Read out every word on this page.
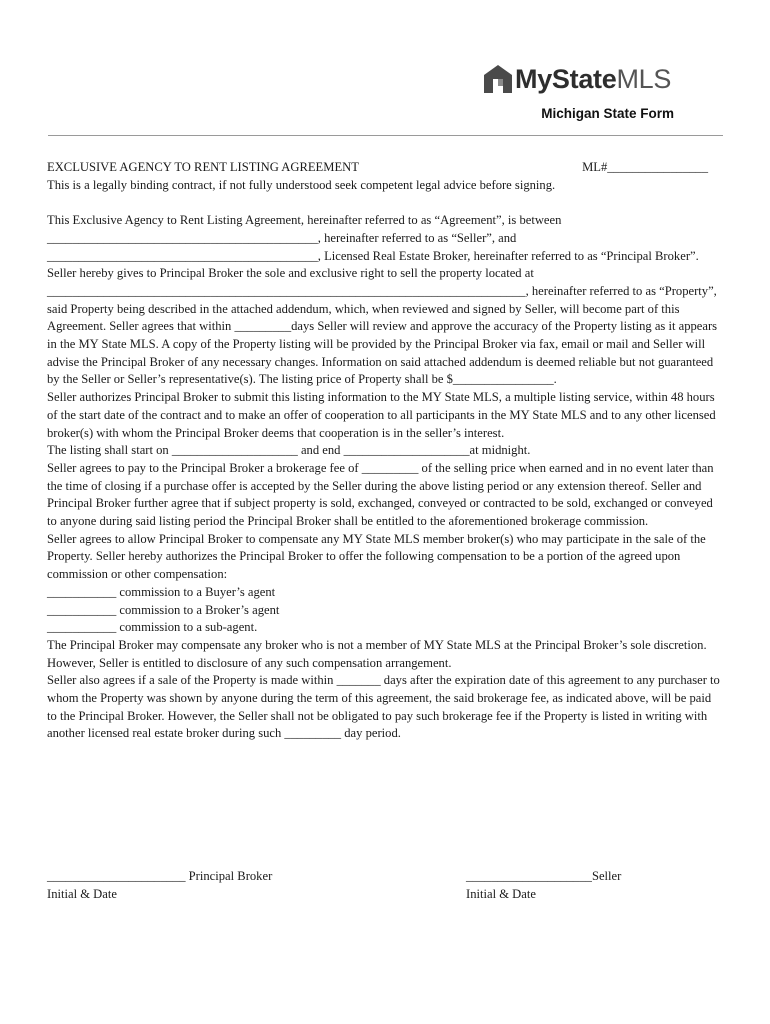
MyStateMLS
Michigan State Form
EXCLUSIVE AGENCY TO RENT LISTING AGREEMENT	ML#________________

This is a legally binding contract, if not fully understood seek competent legal advice before signing.

This Exclusive Agency to Rent Listing Agreement, hereinafter referred to as “Agreement”, is between ___________________________________________, hereinafter referred to as “Seller”, and ___________________________________________, Licensed Real Estate Broker, hereinafter referred to as “Principal Broker”.

Seller hereby gives to Principal Broker the sole and exclusive right to sell the property located at ____________________________________________________________________________, hereinafter referred to as “Property”, said Property being described in the attached addendum, which, when reviewed and signed by Seller, will become part of this Agreement. Seller agrees that within _________days Seller will review and approve the accuracy of the Property listing as it appears in the MY State MLS. A copy of the Property listing will be provided by the Principal Broker via fax, email or mail and Seller will advise the Principal Broker of any necessary changes. Information on said attached addendum is deemed reliable but not guaranteed by the Seller or Seller’s representative(s). The listing price of Property shall be $________________.

Seller authorizes Principal Broker to submit this listing information to the MY State MLS, a multiple listing service, within 48 hours of the start date of the contract and to make an offer of cooperation to all participants in the MY State MLS and to any other licensed broker(s) with whom the Principal Broker deems that cooperation is in the seller’s interest.

The listing shall start on ____________________ and end ____________________at midnight.

Seller agrees to pay to the Principal Broker a brokerage fee of _________ of the selling price when earned and in no event later than the time of closing if a purchase offer is accepted by the Seller during the above listing period or any extension thereof. Seller and Principal Broker further agree that if subject property is sold, exchanged, conveyed or contracted to be sold, exchanged or conveyed to anyone during said listing period the Principal Broker shall be entitled to the aforementioned brokerage commission.

Seller agrees to allow Principal Broker to compensate any MY State MLS member broker(s) who may participate in the sale of the Property. Seller hereby authorizes the Principal Broker to offer the following compensation to be a portion of the agreed upon commission or other compensation:

___________ commission to a Buyer’s agent

___________ commission to a Broker’s agent

___________ commission to a sub-agent.

The Principal Broker may compensate any broker who is not a member of MY State MLS at the Principal Broker’s sole discretion. However, Seller is entitled to disclosure of any such compensation arrangement.

Seller also agrees if a sale of the Property is made within _______ days after the expiration date of this agreement to any purchaser to whom the Property was shown by anyone during the term of this agreement, the said brokerage fee, as indicated above, will be paid to the Principal Broker. However, the Seller shall not be obligated to pay such brokerage fee if the Property is listed in writing with another licensed real estate broker during such _________ day period.

______________________ Principal Broker
Initial & Date
____________________Seller
Initial & Date
